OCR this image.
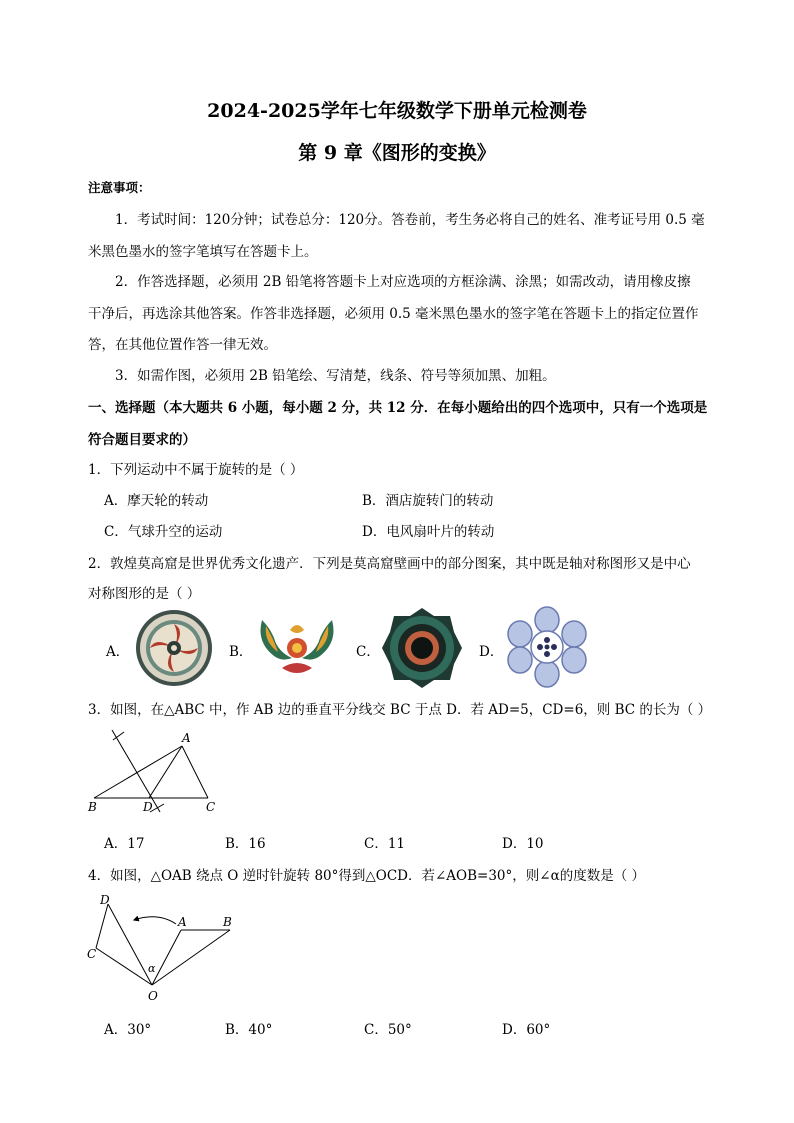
2024-2025学年七年级数学下册单元检测卷
第 9 章《图形的变换》
注意事项：
1．考试时间：120分钟；试卷总分：120分。答卷前，考生务必将自己的姓名、准考证号用 0.5 毫
米黑色墨水的签字笔填写在答题卡上。
2．作答选择题，必须用 2B 铅笔将答题卡上对应选项的方框涂满、涂黑；如需改动，请用橡皮擦
干净后，再选涂其他答案。作答非选择题，必须用 0.5 毫米黑色墨水的签字笔在答题卡上的指定位置作
答，在其他位置作答一律无效。
3．如需作图，必须用 2B 铅笔绘、写清楚，线条、符号等须加黑、加粗。
一、选择题（本大题共 6 小题，每小题 2 分，共 12 分．在每小题给出的四个选项中，只有一个选项是
符合题目要求的）
1．下列运动中不属于旋转的是（ ）
A．摩天轮的转动	B．酒店旋转门的转动
C．气球升空的运动	D．电风扇叶片的转动
2．敦煌莫高窟是世界优秀文化遗产．下列是莫高窟壁画中的部分图案，其中既是轴对称图形又是中心
对称图形的是（ ）
A．	B．	C．	D．
3．如图，在△ABC 中，作 AB 边的垂直平分线交 BC 于点 D．若 AD=5，CD=6，则 BC 的长为（ ）
A
B	C
D
A．17	B．16	C．11	D．10
4．如图，△OAB 绕点 O 逆时针旋转 80°得到△OCD．若∠AOB=30°，则∠α的度数是（ ）
D
C
A	B
O
α
A．30°	B．40°	C．50°	D．60°
